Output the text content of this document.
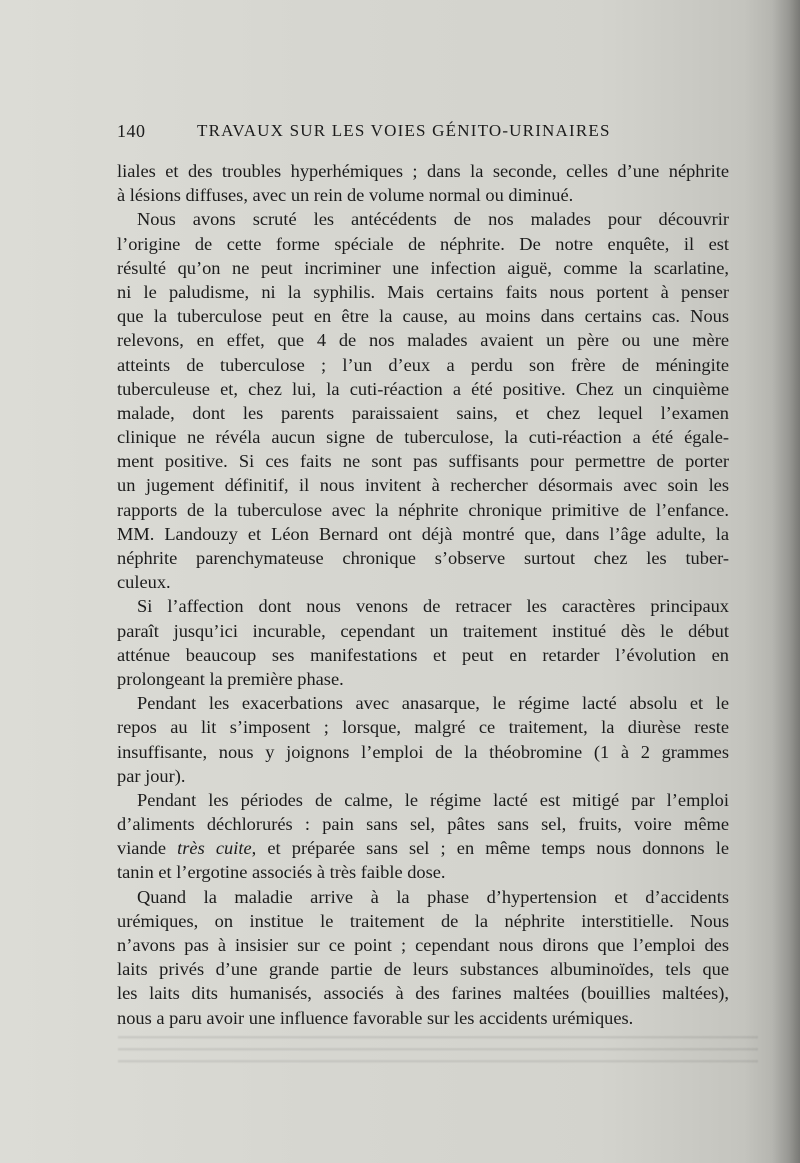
140	TRAVAUX SUR LES VOIES GÉNITO-URINAIRES
liales et des troubles hyperhémiques ; dans la seconde, celles d’une néphrite
à lésions diffuses, avec un rein de volume normal ou diminué.
Nous avons scruté les antécédents de nos malades pour découvrir
l’origine de cette forme spéciale de néphrite. De notre enquête, il est
résulté qu’on ne peut incriminer une infection aiguë, comme la scarlatine,
ni le paludisme, ni la syphilis. Mais certains faits nous portent à penser
que la tuberculose peut en être la cause, au moins dans certains cas. Nous
relevons, en effet, que 4 de nos malades avaient un père ou une mère
atteints de tuberculose ; l’un d’eux a perdu son frère de méningite
tuberculeuse et, chez lui, la cuti-réaction a été positive. Chez un cinquième
malade, dont les parents paraissaient sains, et chez lequel l’examen
clinique ne révéla aucun signe de tuberculose, la cuti-réaction a été égale-
ment positive. Si ces faits ne sont pas suffisants pour permettre de porter
un jugement définitif, il nous invitent à rechercher désormais avec soin les
rapports de la tuberculose avec la néphrite chronique primitive de l’enfance.
MM. Landouzy et Léon Bernard ont déjà montré que, dans l’âge adulte, la
néphrite parenchymateuse chronique s’observe surtout chez les tuber-
culeux.
Si l’affection dont nous venons de retracer les caractères principaux
paraît jusqu’ici incurable, cependant un traitement institué dès le début
atténue beaucoup ses manifestations et peut en retarder l’évolution en
prolongeant la première phase.
Pendant les exacerbations avec anasarque, le régime lacté absolu et le
repos au lit s’imposent ; lorsque, malgré ce traitement, la diurèse reste
insuffisante, nous y joignons l’emploi de la théobromine (1 à 2 grammes
par jour).
Pendant les périodes de calme, le régime lacté est mitigé par l’emploi
d’aliments déchlorurés : pain sans sel, pâtes sans sel, fruits, voire même
viande très cuite, et préparée sans sel ; en même temps nous donnons le
tanin et l’ergotine associés à très faible dose.
Quand la maladie arrive à la phase d’hypertension et d’accidents
urémiques, on institue le traitement de la néphrite interstitielle. Nous
n’avons pas à insisier sur ce point ; cependant nous dirons que l’emploi des
laits privés d’une grande partie de leurs substances albuminoïdes, tels que
les laits dits humanisés, associés à des farines maltées (bouillies maltées),
nous a paru avoir une influence favorable sur les accidents urémiques.
